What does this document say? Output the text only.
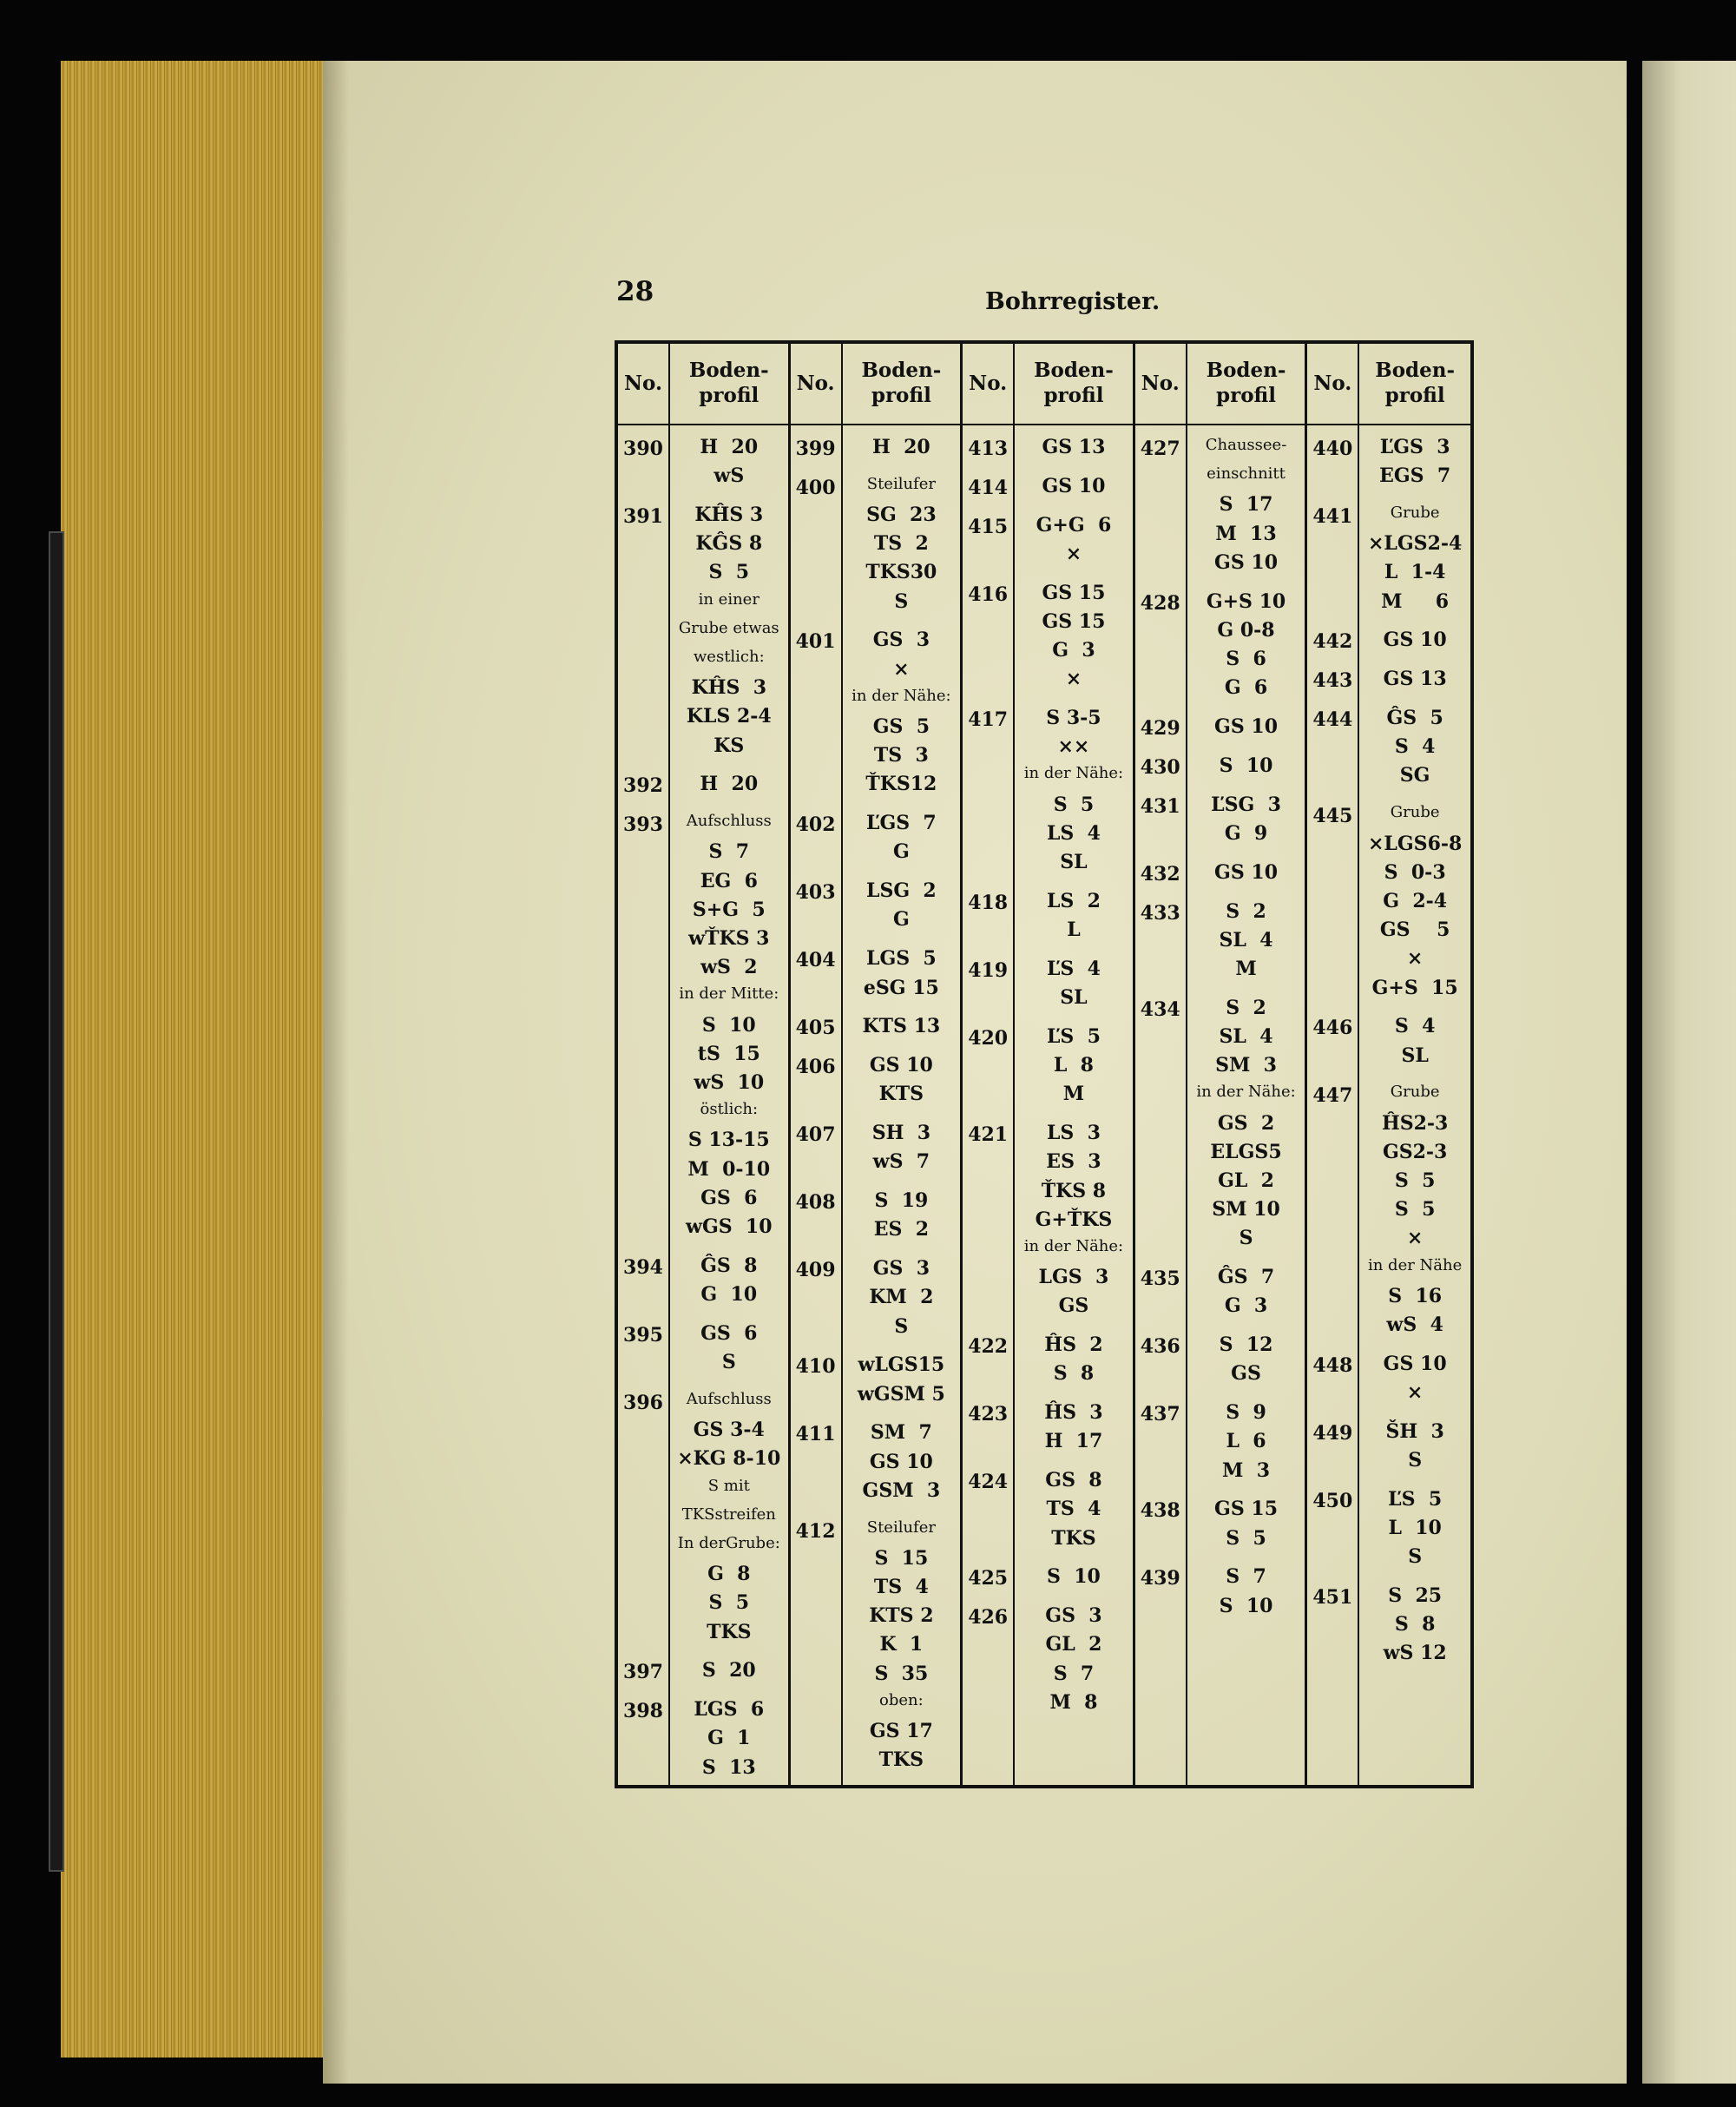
28	Bohrregister.
No.
390
391
392
393
394
395
396
397
398
Boden-
profil
H  20
wS
KĤS 3
KĜS 8
S  5
in einer
Grube etwas
westlich:
KĤS  3
KLS 2-4
KS
H  20
Aufschluss
S  7
EG  6
S+G  5
wŤKS 3
wS  2
in der Mitte:
S  10
tS  15
wS  10
östlich:
S 13-15
M  0-10
GS  6
wGS  10
ĜS  8
G  10
GS  6
S
Aufschluss
GS 3-4
×KG 8-10
S mit
TKSstreifen
In derGrube:
G  8
S  5
TKS
S  20
ĽGS  6
G  1
S  13
No.
399
400
401
402
403
404
405
406
407
408
409
410
411
412
Boden-
profil
H  20
Steilufer
SG  23
TS  2
TKS30
S
GS  3
×
in der Nähe:
GS  5
TS  3
ŤKS12
ĽGS  7
G
LSG  2
G
LGS  5
eSG 15
KTS 13
GS 10
KTS
SH  3
wS  7
S  19
ES  2
GS  3
KM  2
S
wLGS15
wGSM 5
SM  7
GS 10
GSM  3
Steilufer
S  15
TS  4
KTS 2
K  1
S  35
oben:
GS 17
TKS
No.
413
414
415
416
417
418
419
420
421
422
423
424
425
426
Boden-
profil
GS 13
GS 10
G+G  6
×
GS 15
GS 15
G  3
×
S 3-5
××
in der Nähe:
S  5
LS  4
SL
LS  2
L
ĽS  4
SL
ĽS  5
L  8
M
LS  3
ES  3
ŤKS 8
G+ŤKS
in der Nähe:
LGS  3
GS
ĤS  2
S  8
ĤS  3
H  17
GS  8
TS  4
TKS
S  10
GS  3
GL  2
S  7
M  8
No.
427
428
429
430
431
432
433
434
435
436
437
438
439
Boden-
profil
Chaussee-
einschnitt
S  17
M  13
GS 10
G+S 10
G 0-8
S  6
G  6
GS 10
S  10
ĽSG  3
G  9
GS 10
S  2
SL  4
M
S  2
SL  4
SM  3
in der Nähe:
GS  2
ELGS5
GL  2
SM 10
S
ĜS  7
G  3
S  12
GS
S  9
L  6
M  3
GS 15
S  5
S  7
S  10
No.
440
441
442
443
444
445
446
447
448
449
450
451
Boden-
profil
ĽGS  3
EGS  7
Grube
×LGS2-4
L  1-4
M     6
GS 10
GS 13
ĜS  5
S  4
SG
Grube
×LGS6-8
S  0-3
G  2-4
GS    5
×
G+S  15
S  4
SL
Grube
ĤS2-3
GS2-3
S  5
S  5
×
in der Nähe
S  16
wS  4
GS 10
×
ŠH  3
S
ĽS  5
L  10
S
S  25
S  8
wS 12
